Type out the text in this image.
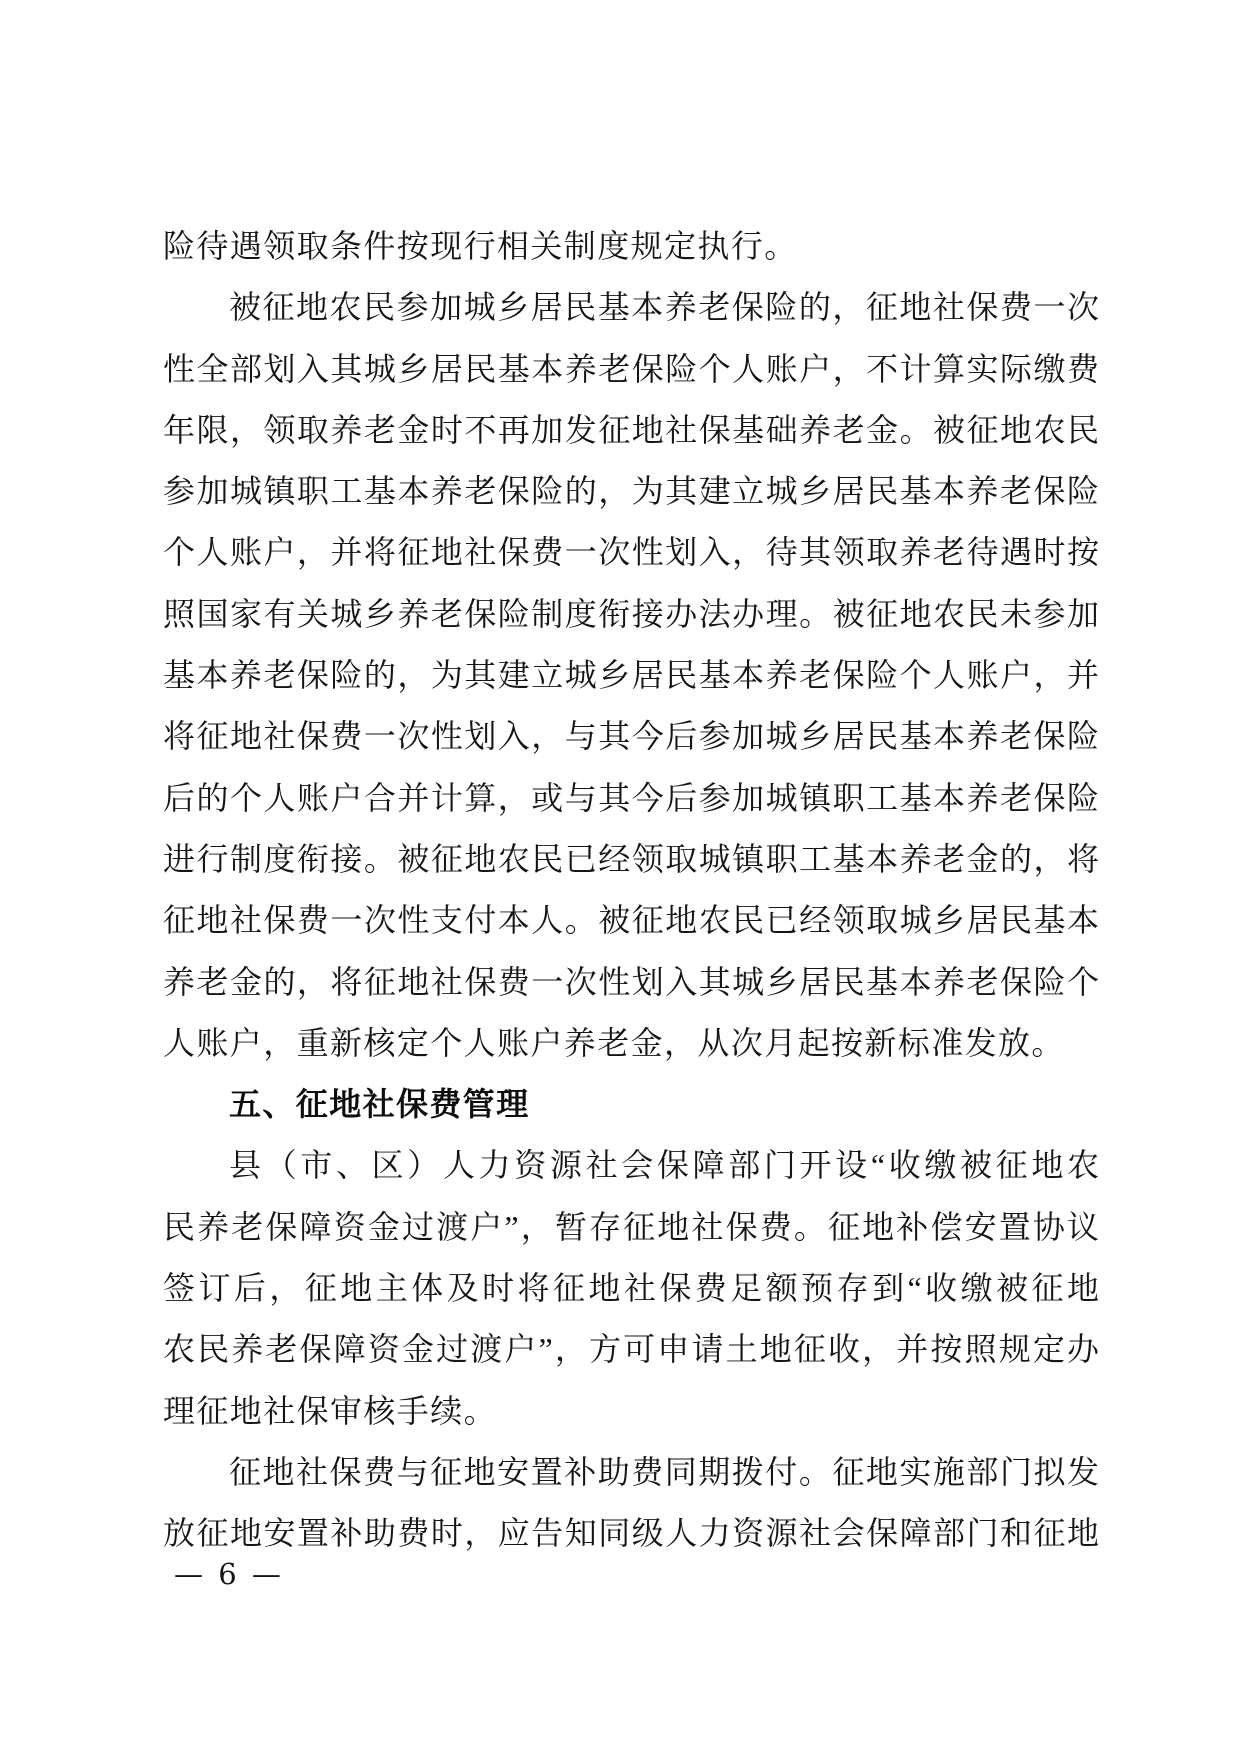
险待遇领取条件按现行相关制度规定执行。
被征地农民参加城乡居民基本养老保险的，征地社保费一次
性全部划入其城乡居民基本养老保险个人账户，不计算实际缴费
年限，领取养老金时不再加发征地社保基础养老金。被征地农民
参加城镇职工基本养老保险的，为其建立城乡居民基本养老保险
个人账户，并将征地社保费一次性划入，待其领取养老待遇时按
照国家有关城乡养老保险制度衔接办法办理。被征地农民未参加
基本养老保险的，为其建立城乡居民基本养老保险个人账户，并
将征地社保费一次性划入，与其今后参加城乡居民基本养老保险
后的个人账户合并计算，或与其今后参加城镇职工基本养老保险
进行制度衔接。被征地农民已经领取城镇职工基本养老金的，将
征地社保费一次性支付本人。被征地农民已经领取城乡居民基本
养老金的，将征地社保费一次性划入其城乡居民基本养老保险个
人账户，重新核定个人账户养老金，从次月起按新标准发放。
五、征地社保费管理
县（市、区）人力资源社会保障部门开设“收缴被征地农
民养老保障资金过渡户”，暂存征地社保费。征地补偿安置协议
签订后，征地主体及时将征地社保费足额预存到“收缴被征地
农民养老保障资金过渡户”，方可申请土地征收，并按照规定办
理征地社保审核手续。
征地社保费与征地安置补助费同期拨付。征地实施部门拟发
放征地安置补助费时，应告知同级人力资源社会保障部门和征地
— 6 —
